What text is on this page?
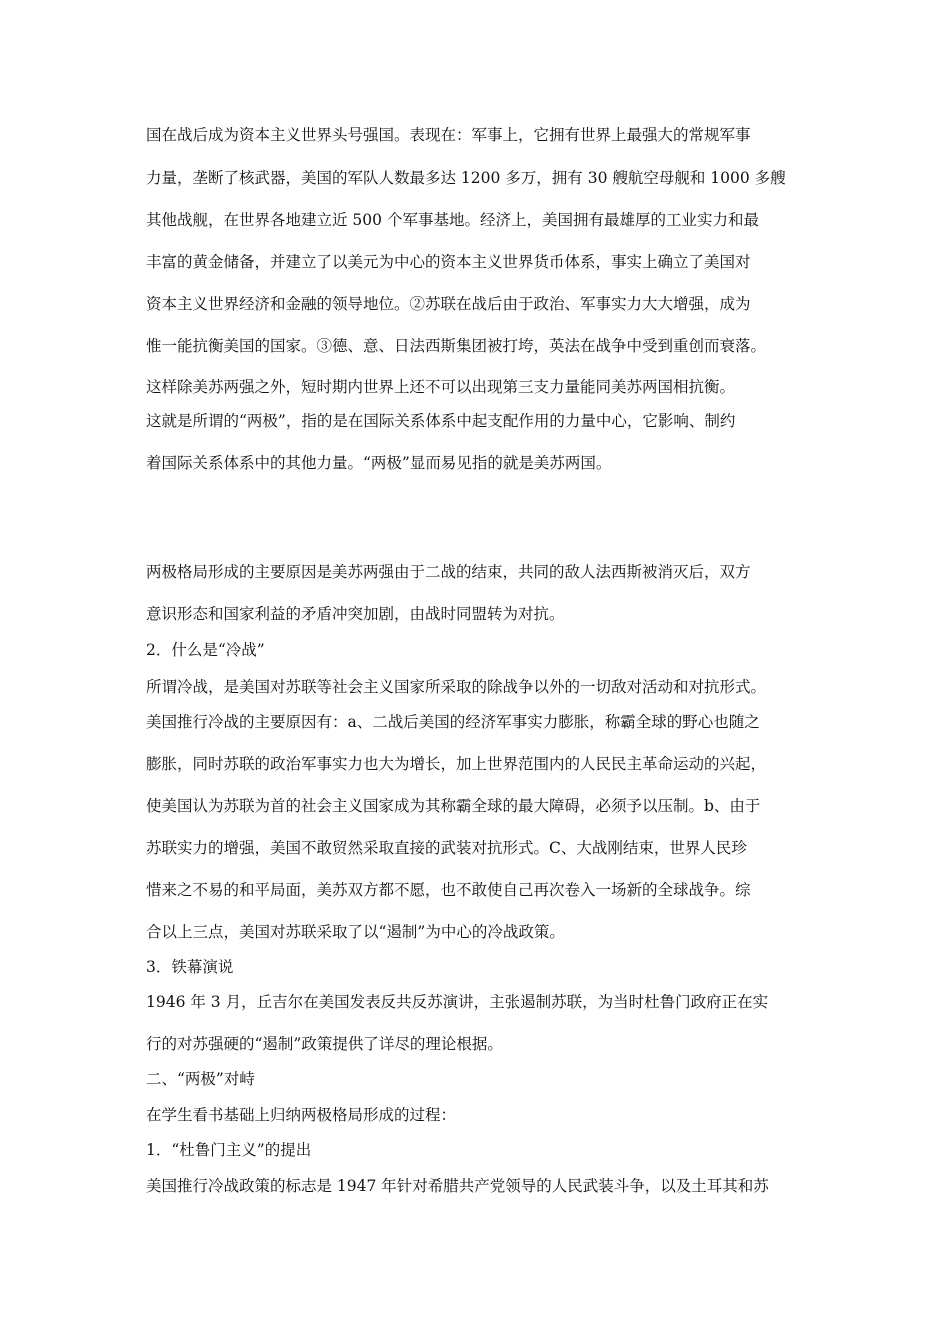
国在战后成为资本主义世界头号强国。表现在：军事上，它拥有世界上最强大的常规军事
力量，垄断了核武器，美国的军队人数最多达 1200 多万，拥有 30 艘航空母舰和 1000 多艘
其他战舰，在世界各地建立近 500 个军事基地。经济上，美国拥有最雄厚的工业实力和最
丰富的黄金储备，并建立了以美元为中心的资本主义世界货币体系，事实上确立了美国对
资本主义世界经济和金融的领导地位。②苏联在战后由于政治、军事实力大大增强，成为
惟一能抗衡美国的国家。③德、意、日法西斯集团被打垮，英法在战争中受到重创而衰落。
这样除美苏两强之外，短时期内世界上还不可以出现第三支力量能同美苏两国相抗衡。
这就是所谓的“两极”，指的是在国际关系体系中起支配作用的力量中心，它影响、制约
着国际关系体系中的其他力量。“两极”显而易见指的就是美苏两国。
两极格局形成的主要原因是美苏两强由于二战的结束，共同的敌人法西斯被消灭后，双方
意识形态和国家利益的矛盾冲突加剧，由战时同盟转为对抗。
2．什么是“冷战”
所谓冷战，是美国对苏联等社会主义国家所采取的除战争以外的一切敌对活动和对抗形式。
美国推行冷战的主要原因有：a、二战后美国的经济军事实力膨胀，称霸全球的野心也随之
膨胀，同时苏联的政治军事实力也大为增长，加上世界范围内的人民民主革命运动的兴起，
使美国认为苏联为首的社会主义国家成为其称霸全球的最大障碍，必须予以压制。b、由于
苏联实力的增强，美国不敢贸然采取直接的武装对抗形式。C、大战刚结束，世界人民珍
惜来之不易的和平局面，美苏双方都不愿，也不敢使自己再次卷入一场新的全球战争。综
合以上三点，美国对苏联采取了以“遏制”为中心的冷战政策。
3．铁幕演说
1946 年 3 月，丘吉尔在美国发表反共反苏演讲，主张遏制苏联，为当时杜鲁门政府正在实
行的对苏强硬的“遏制”政策提供了详尽的理论根据。
二、“两极”对峙
在学生看书基础上归纳两极格局形成的过程：
1．“杜鲁门主义”的提出
美国推行冷战政策的标志是 1947 年针对希腊共产党领导的人民武装斗争，以及土耳其和苏
